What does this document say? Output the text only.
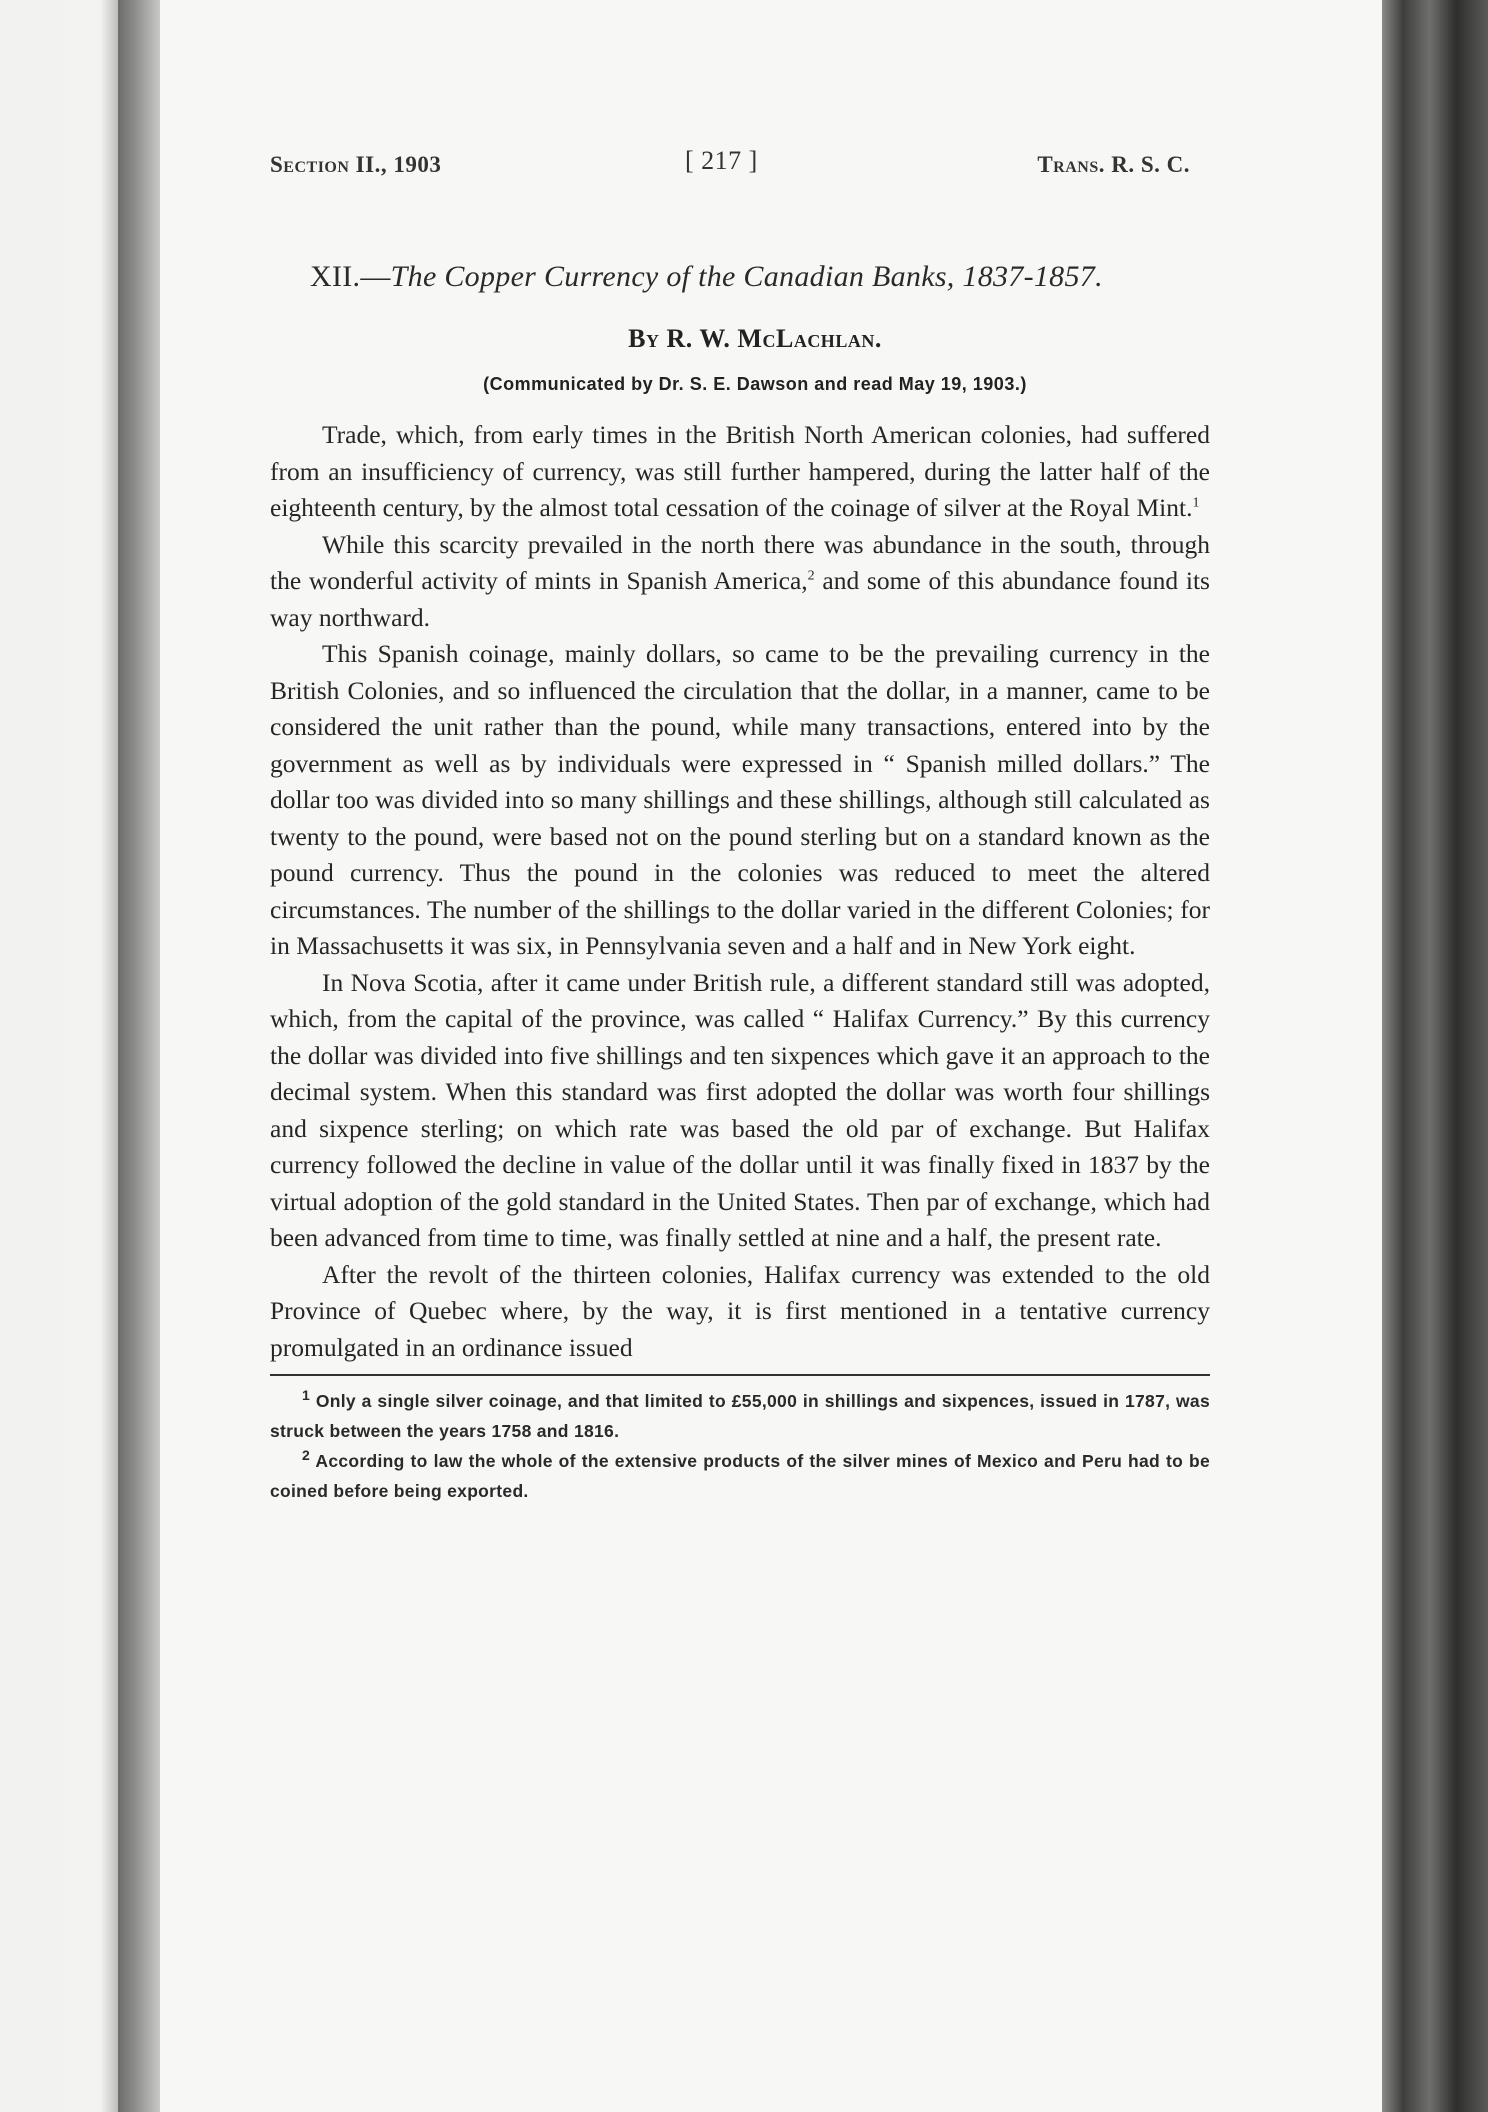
Section II., 1903	[ 217 ]	Trans. R. S. C.
XII.—The Copper Currency of the Canadian Banks, 1837-1857.
By R. W. McLachlan.
(Communicated by Dr. S. E. Dawson and read May 19, 1903.)

Trade, which, from early times in the British North American colonies, had suffered from an insufficiency of currency, was still further hampered, during the latter half of the eighteenth century, by the almost total cessation of the coinage of silver at the Royal Mint.$^1$

While this scarcity prevailed in the north there was abundance in the south, through the wonderful activity of mints in Spanish America,$^2$ and some of this abundance found its way northward.

This Spanish coinage, mainly dollars, so came to be the prevailing currency in the British Colonies, and so influenced the circulation that the dollar, in a manner, came to be considered the unit rather than the pound, while many transactions, entered into by the government as well as by individuals were expressed in “ Spanish milled dollars.” The dollar too was divided into so many shillings and these shillings, although still calculated as twenty to the pound, were based not on the pound sterling but on a standard known as the pound currency. Thus the pound in the colonies was reduced to meet the altered circumstances. The number of the shillings to the dollar varied in the different Colonies; for in Massachusetts it was six, in Pennsylvania seven and a half and in New York eight.

In Nova Scotia, after it came under British rule, a different standard still was adopted, which, from the capital of the province, was called “ Halifax Currency.” By this currency the dollar was divided into five shillings and ten sixpences which gave it an approach to the decimal system. When this standard was first adopted the dollar was worth four shillings and sixpence sterling; on which rate was based the old par of exchange. But Halifax currency followed the decline in value of the dollar until it was finally fixed in 1837 by the virtual adoption of the gold standard in the United States. Then par of exchange, which had been advanced from time to time, was finally settled at nine and a half, the present rate.

After the revolt of the thirteen colonies, Halifax currency was extended to the old Province of Quebec where, by the way, it is first mentioned in a tentative currency promulgated in an ordinance issued

$^1$ Only a single silver coinage, and that limited to £55,000 in shillings and sixpences, issued in 1787, was struck between the years 1758 and 1816.

$^2$ According to law the whole of the extensive products of the silver mines of Mexico and Peru had to be coined before being exported.
